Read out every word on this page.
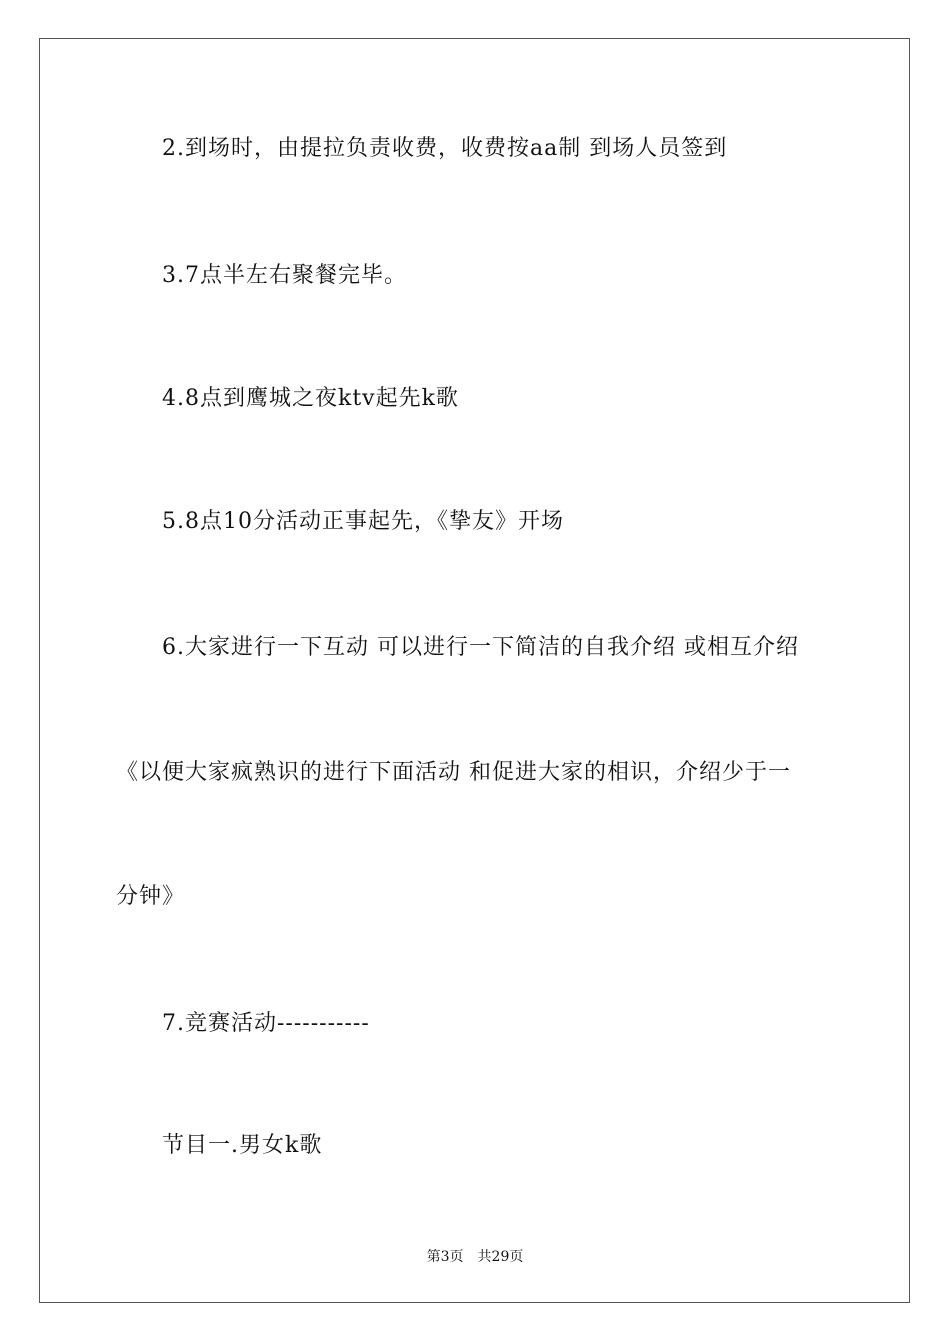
2.到场时，由提拉负责收费，收费按aa制 到场人员签到
3.7点半左右聚餐完毕。
4.8点到鹰城之夜ktv起先k歌
5.8点10分活动正事起先，《挚友》开场
6.大家进行一下互动 可以进行一下简洁的自我介绍 或相互介绍
《以便大家疯熟识的进行下面活动 和促进大家的相识，介绍少于一
分钟》
7.竞赛活动-----------
节目一.男女k歌
第3页 共29页
